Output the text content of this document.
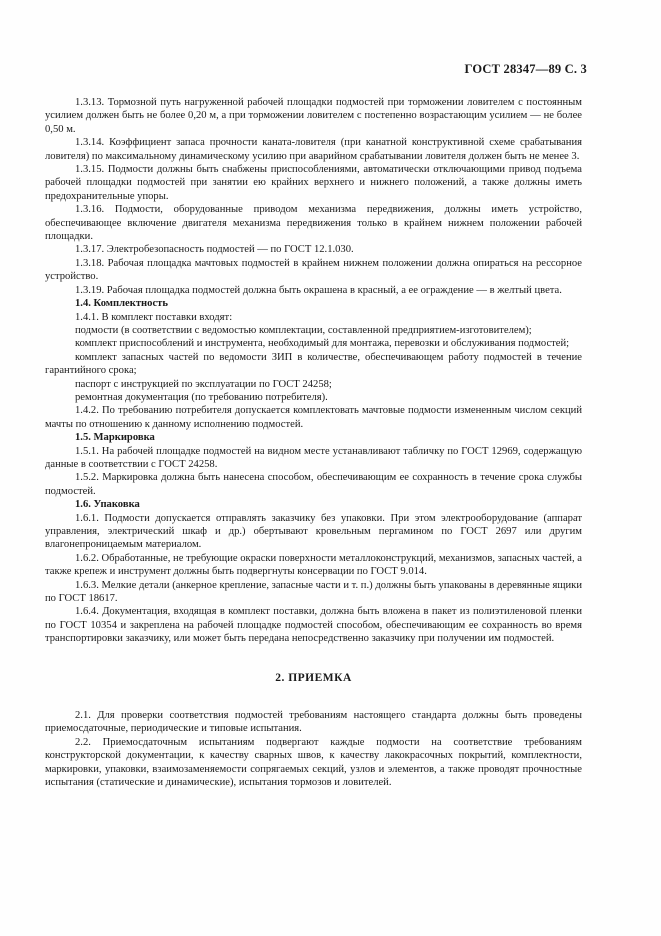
ГОСТ 28347—89 С. 3

1.3.13. Тормозной путь нагруженной рабочей площадки подмостей при торможении ловителем с постоянным усилием должен быть не более 0,20 м, а при торможении ловителем с постепенно возрастающим усилием — не более 0,50 м.

1.3.14. Коэффициент запаса прочности каната-ловителя (при канатной конструктивной схеме срабатывания ловителя) по максимальному динамическому усилию при аварийном срабатывании ловителя должен быть не менее 3.

1.3.15. Подмости должны быть снабжены приспособлениями, автоматически отключающими привод подъема рабочей площадки подмостей при занятии ею крайних верхнего и нижнего положений, а также должны иметь предохранительные упоры.

1.3.16. Подмости, оборудованные приводом механизма передвижения, должны иметь устройство, обеспечивающее включение двигателя механизма передвижения только в крайнем нижнем положении рабочей площадки.

1.3.17. Электробезопасность подмостей — по ГОСТ 12.1.030.

1.3.18. Рабочая площадка мачтовых подмостей в крайнем нижнем положении должна опираться на рессорное устройство.

1.3.19. Рабочая площадка подмостей должна быть окрашена в красный, а ее ограждение — в желтый цвета.

1.4. Комплектность

1.4.1. В комплект поставки входят:

подмости (в соответствии с ведомостью комплектации, составленной предприятием-изготовителем);

комплект приспособлений и инструмента, необходимый для монтажа, перевозки и обслуживания подмостей;

комплект запасных частей по ведомости ЗИП в количестве, обеспечивающем работу подмостей в течение гарантийного срока;

паспорт с инструкцией по эксплуатации по ГОСТ 24258;

ремонтная документация (по требованию потребителя).

1.4.2. По требованию потребителя допускается комплектовать мачтовые подмости измененным числом секций мачты по отношению к данному исполнению подмостей.

1.5. Маркировка

1.5.1. На рабочей площадке подмостей на видном месте устанавливают табличку по ГОСТ 12969, содержащую данные в соответствии с ГОСТ 24258.

1.5.2. Маркировка должна быть нанесена способом, обеспечивающим ее сохранность в течение срока службы подмостей.

1.6. Упаковка

1.6.1. Подмости допускается отправлять заказчику без упаковки. При этом электрооборудование (аппарат управления, электрический шкаф и др.) обертывают кровельным пергамином по ГОСТ 2697 или другим влагонепроницаемым материалом.

1.6.2. Обработанные, не требующие окраски поверхности металлоконструкций, механизмов, запасных частей, а также крепеж и инструмент должны быть подвергнуты консервации по ГОСТ 9.014.

1.6.3. Мелкие детали (анкерное крепление, запасные части и т. п.) должны быть упакованы в деревянные ящики по ГОСТ 18617.

1.6.4. Документация, входящая в комплект поставки, должна быть вложена в пакет из полиэтиленовой пленки по ГОСТ 10354 и закреплена на рабочей площадке подмостей способом, обеспечивающим ее сохранность во время транспортировки заказчику, или может быть передана непосредственно заказчику при получении им подмостей.

2. ПРИЕМКА

2.1. Для проверки соответствия подмостей требованиям настоящего стандарта должны быть проведены приемосдаточные, периодические и типовые испытания.

2.2. Приемосдаточным испытаниям подвергают каждые подмости на соответствие требованиям конструкторской документации, к качеству сварных швов, к качеству лакокрасочных покрытий, комплектности, маркировки, упаковки, взаимозаменяемости сопрягаемых секций, узлов и элементов, а также проводят прочностные испытания (статические и динамические), испытания тормозов и ловителей.
